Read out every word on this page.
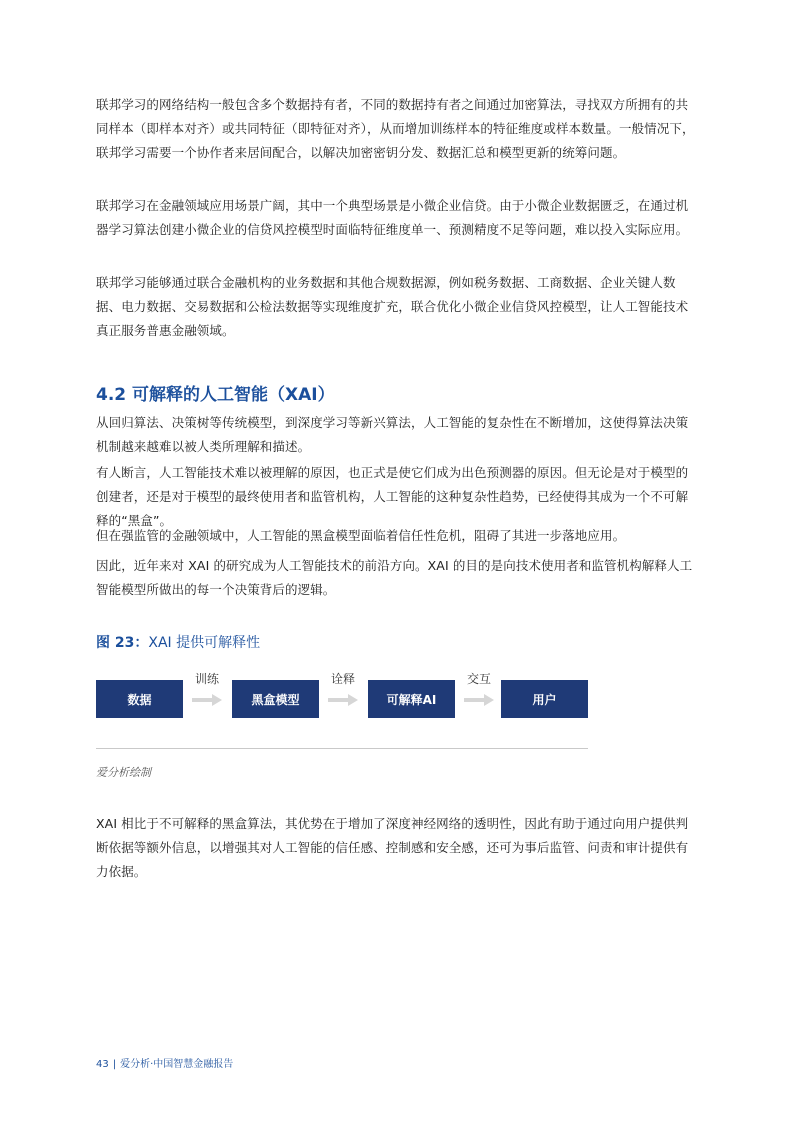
联邦学习的网络结构一般包含多个数据持有者，不同的数据持有者之间通过加密算法，寻找双方所拥有的共同样本（即样本对齐）或共同特征（即特征对齐），从而增加训练样本的特征维度或样本数量。一般情况下，联邦学习需要一个协作者来居间配合，以解决加密密钥分发、数据汇总和模型更新的统筹问题。

联邦学习在金融领域应用场景广阔，其中一个典型场景是小微企业信贷。由于小微企业数据匮乏，在通过机器学习算法创建小微企业的信贷风控模型时面临特征维度单一、预测精度不足等问题，难以投入实际应用。

联邦学习能够通过联合金融机构的业务数据和其他合规数据源，例如税务数据、工商数据、企业关键人数据、电力数据、交易数据和公检法数据等实现维度扩充，联合优化小微企业信贷风控模型，让人工智能技术真正服务普惠金融领域。

4.2 可解释的人工智能（XAI）

从回归算法、决策树等传统模型，到深度学习等新兴算法，人工智能的复杂性在不断增加，这使得算法决策机制越来越难以被人类所理解和描述。

有人断言，人工智能技术难以被理解的原因，也正式是使它们成为出色预测器的原因。但无论是对于模型的创建者，还是对于模型的最终使用者和监管机构，人工智能的这种复杂性趋势，已经使得其成为一个不可解释的“黑盒”。

但在强监管的金融领域中，人工智能的黑盒模型面临着信任性危机，阻碍了其进一步落地应用。

因此，近年来对 XAI 的研究成为人工智能技术的前沿方向。XAI 的目的是向技术使用者和监管机构解释人工智能模型所做出的每一个决策背后的逻辑。

图 23：XAI 提供可解释性

数据
训练
黑盒模型
诠释
可解释AI
交互
用户

爱分析绘制

XAI 相比于不可解释的黑盒算法，其优势在于增加了深度神经网络的透明性，因此有助于通过向用户提供判断依据等额外信息，以增强其对人工智能的信任感、控制感和安全感，还可为事后监管、问责和审计提供有力依据。

43 | 爱分析·中国智慧金融报告
